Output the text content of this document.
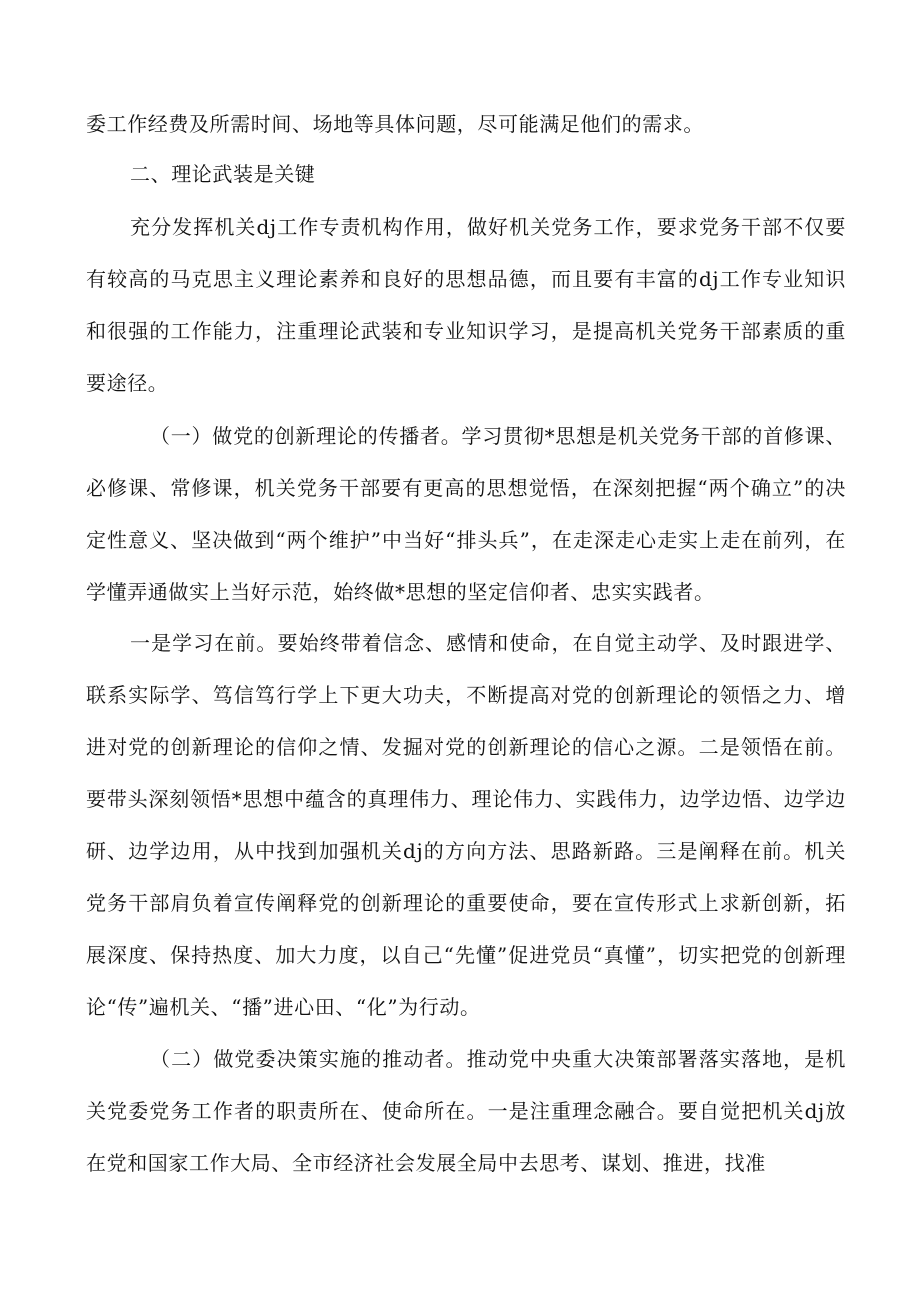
委工作经费及所需时间、场地等具体问题，尽可能满足他们的需求。
二、理论武装是关键
充分发挥机关dj工作专责机构作用，做好机关党务工作，要求党务干部不仅要有较高的马克思主义理论素养和良好的思想品德，而且要有丰富的dj工作专业知识和很强的工作能力，注重理论武装和专业知识学习，是提高机关党务干部素质的重要途径。
（一）做党的创新理论的传播者。学习贯彻*思想是机关党务干部的首修课、必修课、常修课，机关党务干部要有更高的思想觉悟，在深刻把握“两个确立”的决定性意义、坚决做到“两个维护”中当好“排头兵”，在走深走心走实上走在前列，在学懂弄通做实上当好示范，始终做*思想的坚定信仰者、忠实实践者。
一是学习在前。要始终带着信念、感情和使命，在自觉主动学、及时跟进学、联系实际学、笃信笃行学上下更大功夫，不断提高对党的创新理论的领悟之力、增进对党的创新理论的信仰之情、发掘对党的创新理论的信心之源。二是领悟在前。要带头深刻领悟*思想中蕴含的真理伟力、理论伟力、实践伟力，边学边悟、边学边研、边学边用，从中找到加强机关dj的方向方法、思路新路。三是阐释在前。机关党务干部肩负着宣传阐释党的创新理论的重要使命，要在宣传形式上求新创新，拓展深度、保持热度、加大力度，以自己“先懂”促进党员“真懂”，切实把党的创新理论“传”遍机关、“播”进心田、“化”为行动。
（二）做党委决策实施的推动者。推动党中央重大决策部署落实落地，是机关党委党务工作者的职责所在、使命所在。一是注重理念融合。要自觉把机关dj放在党和国家工作大局、全市经济社会发展全局中去思考、谋划、推进，找准
